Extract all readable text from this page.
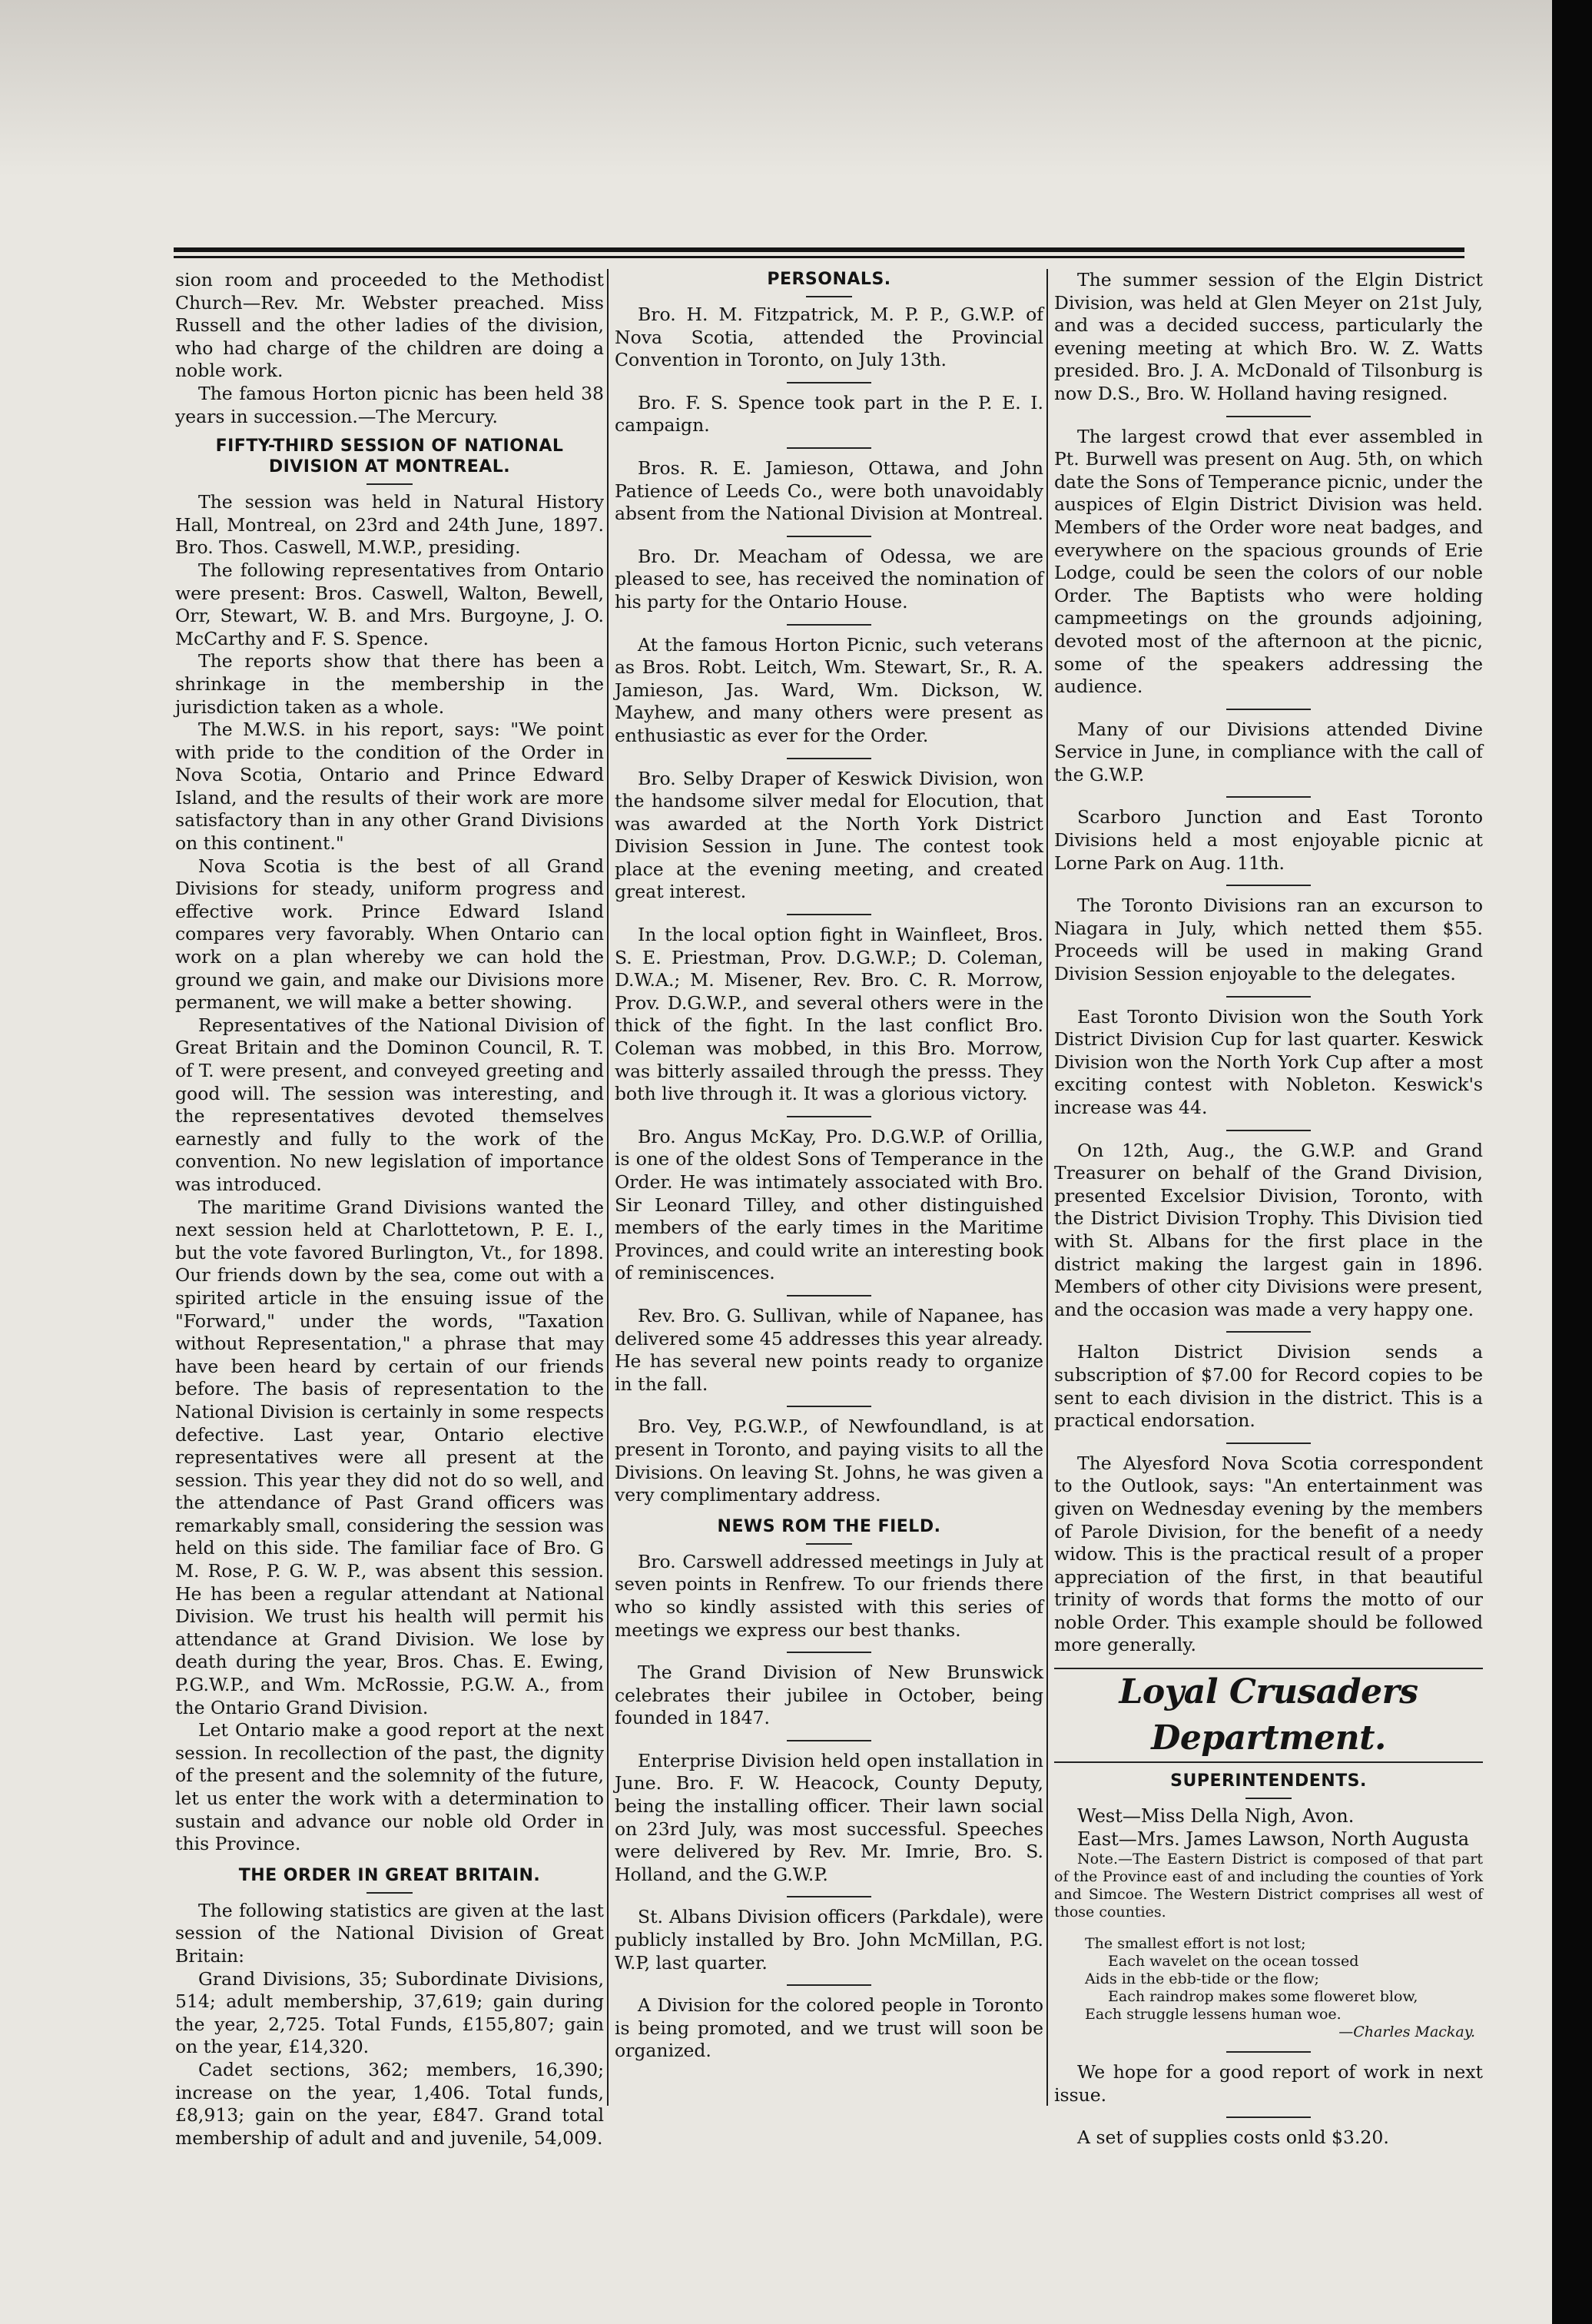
sion room and proceeded to the Methodist Church—Rev. Mr. Webster preached. Miss Russell and the other ladies of the division, who had charge of the children are doing a noble work.

The famous Horton picnic has been held 38 years in succession.—The Mercury.

FIFTY-THIRD SESSION OF NATIONAL DIVISION AT MONTREAL.

The session was held in Natural History Hall, Montreal, on 23rd and 24th June, 1897. Bro. Thos. Caswell, M.W.P., presiding.

The following representatives from Ontario were present: Bros. Caswell, Walton, Bewell, Orr, Stewart, W. B. and Mrs. Burgoyne, J. O. McCarthy and F. S. Spence.

The reports show that there has been a shrinkage in the membership in the jurisdiction taken as a whole.

The M.W.S. in his report, says: "We point with pride to the condition of the Order in Nova Scotia, Ontario and Prince Edward Island, and the results of their work are more satisfactory than in any other Grand Divisions on this continent."

Nova Scotia is the best of all Grand Divisions for steady, uniform progress and effective work. Prince Edward Island compares very favorably. When Ontario can work on a plan whereby we can hold the ground we gain, and make our Divisions more permanent, we will make a better showing.

Representatives of the National Division of Great Britain and the Dominon Council, R. T. of T. were present, and conveyed greeting and good will. The session was interesting, and the representatives devoted themselves earnestly and fully to the work of the convention. No new legislation of importance was introduced.

The maritime Grand Divisions wanted the next session held at Charlottetown, P. E. I., but the vote favored Burlington, Vt., for 1898. Our friends down by the sea, come out with a spirited article in the ensuing issue of the "Forward," under the words, "Taxation without Representation," a phrase that may have been heard by certain of our friends before. The basis of representation to the National Division is certainly in some respects defective. Last year, Ontario elective representatives were all present at the session. This year they did not do so well, and the attendance of Past Grand officers was remarkably small, considering the session was held on this side. The familiar face of Bro. G M. Rose, P. G. W. P., was absent this session. He has been a regular attendant at National Division. We trust his health will permit his attendance at Grand Division. We lose by death during the year, Bros. Chas. E. Ewing, P.G.W.P., and Wm. McRossie, P.G.W. A., from the Ontario Grand Division.

Let Ontario make a good report at the next session. In recollection of the past, the dignity of the present and the solemnity of the future, let us enter the work with a determination to sustain and advance our noble old Order in this Province.

THE ORDER IN GREAT BRITAIN.

The following statistics are given at the last session of the National Division of Great Britain:

Grand Divisions, 35; Subordinate Divisions, 514; adult membership, 37,619; gain during the year, 2,725. Total Funds, £155,807; gain on the year, £14,320.

Cadet sections, 362; members, 16,390; increase on the year, 1,406. Total funds, £8,913; gain on the year, £847. Grand total membership of adult and and juvenile, 54,009.

PERSONALS.

Bro. H. M. Fitzpatrick, M. P. P., G.W.P. of Nova Scotia, attended the Provincial Convention in Toronto, on July 13th.

Bro. F. S. Spence took part in the P. E. I. campaign.

Bros. R. E. Jamieson, Ottawa, and John Patience of Leeds Co., were both unavoidably absent from the National Division at Montreal.

Bro. Dr. Meacham of Odessa, we are pleased to see, has received the nomination of his party for the Ontario House.

At the famous Horton Picnic, such veterans as Bros. Robt. Leitch, Wm. Stewart, Sr., R. A. Jamieson, Jas. Ward, Wm. Dickson, W. Mayhew, and many others were present as enthusiastic as ever for the Order.

Bro. Selby Draper of Keswick Division, won the handsome silver medal for Elocution, that was awarded at the North York District Division Session in June. The contest took place at the evening meeting, and created great interest.

In the local option fight in Wainfleet, Bros. S. E. Priestman, Prov. D.G.W.P.; D. Coleman, D.W.A.; M. Misener, Rev. Bro. C. R. Morrow, Prov. D.G.W.P., and several others were in the thick of the fight. In the last conflict Bro. Coleman was mobbed, in this Bro. Morrow, was bitterly assailed through the presss. They both live through it. It was a glorious victory.

Bro. Angus McKay, Pro. D.G.W.P. of Orillia, is one of the oldest Sons of Temperance in the Order. He was intimately associated with Bro. Sir Leonard Tilley, and other distinguished members of the early times in the Maritime Provinces, and could write an interesting book of reminiscences.

Rev. Bro. G. Sullivan, while of Napanee, has delivered some 45 addresses this year already. He has several new points ready to organize in the fall.

Bro. Vey, P.G.W.P., of Newfoundland, is at present in Toronto, and paying visits to all the Divisions. On leaving St. Johns, he was given a very complimentary address.

NEWS ROM THE FIELD.

Bro. Carswell addressed meetings in July at seven points in Renfrew. To our friends there who so kindly assisted with this series of meetings we express our best thanks.

The Grand Division of New Brunswick celebrates their jubilee in October, being founded in 1847.

Enterprise Division held open installation in June. Bro. F. W. Heacock, County Deputy, being the installing officer. Their lawn social on 23rd July, was most successful. Speeches were delivered by Rev. Mr. Imrie, Bro. S. Holland, and the G.W.P.

St. Albans Division officers (Parkdale), were publicly installed by Bro. John McMillan, P.G. W.P, last quarter.

A Division for the colored people in Toronto is being promoted, and we trust will soon be organized.

The summer session of the Elgin District Division, was held at Glen Meyer on 21st July, and was a decided success, particularly the evening meeting at which Bro. W. Z. Watts presided. Bro. J. A. McDonald of Tilsonburg is now D.S., Bro. W. Holland having resigned.

The largest crowd that ever assembled in Pt. Burwell was present on Aug. 5th, on which date the Sons of Temperance picnic, under the auspices of Elgin District Division was held. Members of the Order wore neat badges, and everywhere on the spacious grounds of Erie Lodge, could be seen the colors of our noble Order. The Baptists who were holding campmeetings on the grounds adjoining, devoted most of the afternoon at the picnic, some of the speakers addressing the audience.

Many of our Divisions attended Divine Service in June, in compliance with the call of the G.W.P.

Scarboro Junction and East Toronto Divisions held a most enjoyable picnic at Lorne Park on Aug. 11th.

The Toronto Divisions ran an excurson to Niagara in July, which netted them $55. Proceeds will be used in making Grand Division Session enjoyable to the delegates.

East Toronto Division won the South York District Division Cup for last quarter. Keswick Division won the North York Cup after a most exciting contest with Nobleton. Keswick's increase was 44.

On 12th, Aug., the G.W.P. and Grand Treasurer on behalf of the Grand Division, presented Excelsior Division, Toronto, with the District Division Trophy. This Division tied with St. Albans for the first place in the district making the largest gain in 1896. Members of other city Divisions were present, and the occasion was made a very happy one.

Halton District Division sends a subscription of $7.00 for Record copies to be sent to each division in the district. This is a practical endorsation.

The Alyesford Nova Scotia correspondent to the Outlook, says: "An entertainment was given on Wednesday evening by the members of Parole Division, for the benefit of a needy widow. This is the practical result of a proper appreciation of the first, in that beautiful trinity of words that forms the motto of our noble Order. This example should be followed more generally.

Loyal Crusaders Department.
SUPERINTENDENTS.

West—Miss Della Nigh, Avon.

East—Mrs. James Lawson, North Augusta

Note.—The Eastern District is composed of that part of the Province east of and including the counties of York and Simcoe. The Western District comprises all west of those counties.

The smallest effort is not lost;
Each wavelet on the ocean tossed
Aids in the ebb-tide or the flow;
Each raindrop makes some floweret blow,
Each struggle lessens human woe.
—Charles Mackay.

We hope for a good report of work in next issue.

A set of supplies costs onld $3.20.
